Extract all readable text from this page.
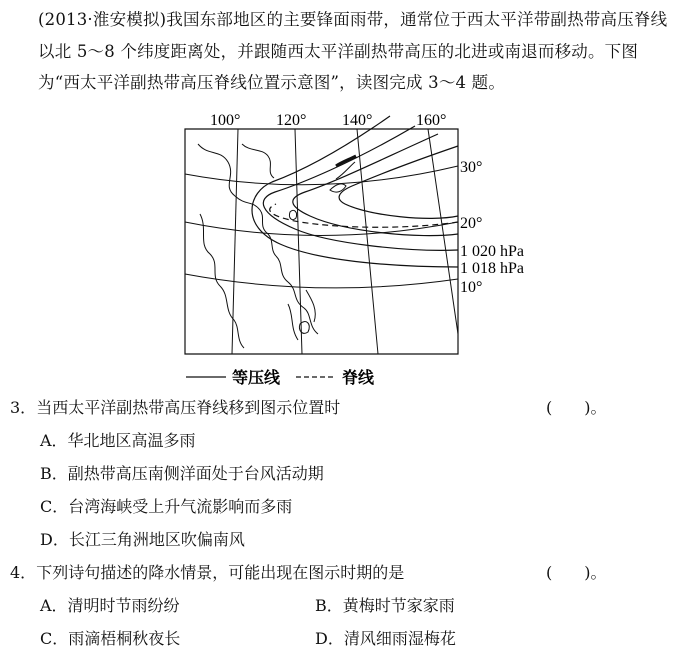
(2013·淮安模拟)我国东部地区的主要锋面雨带，通常位于西太平洋带副热带高压脊线以北 5～8 个纬度距离处，并跟随西太平洋副热带高压的北进或南退而移动。下图为“西太平洋副热带高压脊线位置示意图”，读图完成 3～4 题。
100° 120° 140°	160°
30°
20°
10°
1 020 hPa
1 018 hPa
等压线	脊线
3．当西太平洋副热带高压脊线移到图示位置时	(　　)。
A．华北地区高温多雨
B．副热带高压南侧洋面处于台风活动期
C．台湾海峡受上升气流影响而多雨
D．长江三角洲地区吹偏南风
4．下列诗句描述的降水情景，可能出现在图示时期的是	(　　)。
A．清明时节雨纷纷	B．黄梅时节家家雨
C．雨滴梧桐秋夜长	D．清风细雨湿梅花
